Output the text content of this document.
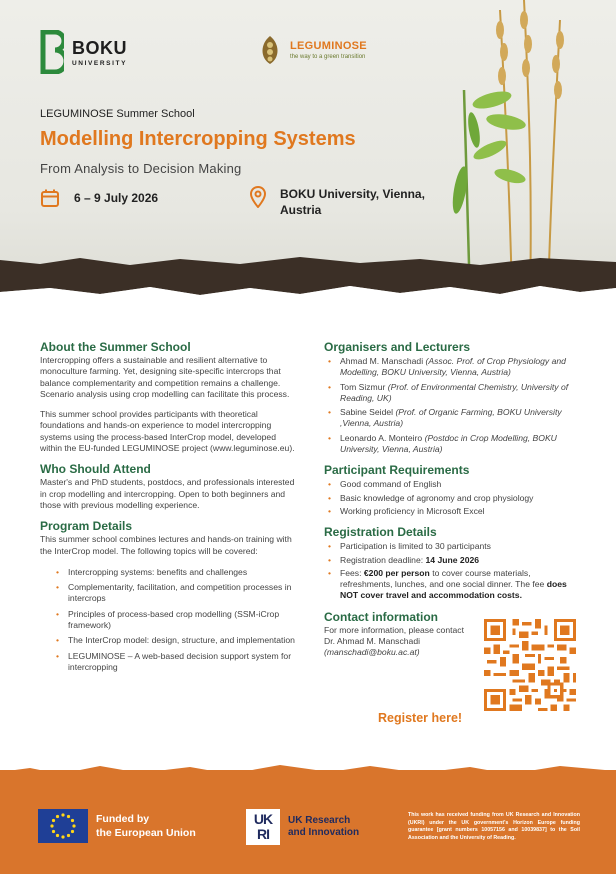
BOKU
UNIVERSITY
LEGUMINOSE
the way to a green transition
LEGUMINOSE Summer School
Modelling Intercropping Systems
From Analysis to Decision Making
6 – 9 July 2026	BOKU University, Vienna, Austria
About the Summer School

Intercropping offers a sustainable and resilient alternative to monoculture farming. Yet, designing site-specific intercrops that balance complementarity and competition remains a challenge. Scenario analysis using crop modelling can facilitate this process.

This summer school provides participants with theoretical foundations and hands-on experience to model intercropping systems using the process-based InterCrop model, developed within the EU-funded LEGUMINOSE project (www.leguminose.eu).

Who Should Attend

Master's and PhD students, postdocs, and professionals interested in crop modelling and intercropping. Open to both beginners and those with previous modelling experience.

Program Details

This summer school combines lectures and hands-on training with the InterCrop model. The following topics will be covered:

• Intercropping systems: benefits and challenges
• Complementarity, facilitation, and competition processes in intercrops
• Principles of process-based crop modelling (SSM-iCrop framework)
• The InterCrop model: design, structure, and implementation
• LEGUMINOSE – A web-based decision support system for intercropping
Organisers and Lecturers
• Ahmad M. Manschadi (Assoc. Prof. of Crop Physiology and Modelling, BOKU University, Vienna, Austria)
• Tom Sizmur (Prof. of Environmental Chemistry, University of Reading, UK)
• Sabine Seidel (Prof. of Organic Farming, BOKU University ,Vienna, Austria)
• Leonardo A. Monteiro (Postdoc in Crop Modelling, BOKU University, Vienna, Austria)
Participant Requirements
• Good command of English
• Basic knowledge of agronomy and crop physiology
• Working proficiency in Microsoft Excel
Registration Details
• Participation is limited to 30 participants
• Registration deadline: 14 June 2026
• Fees: €200 per person to cover course materials, refreshments, lunches, and one social dinner. The fee does NOT cover travel and accommodation costs.
Contact information

For more information, please contact Dr. Ahmad M. Manschadi
(manschadi@boku.ac.at)

Register here!
Funded by
the European Union
UK
RI
UK Research
and Innovation
This work has received funding from UK Research and Innovation (UKRI) under the UK government's Horizon Europe funding guarantee [grant numbers 10057156 and 10039837] to the Soil Association and the University of Reading.
